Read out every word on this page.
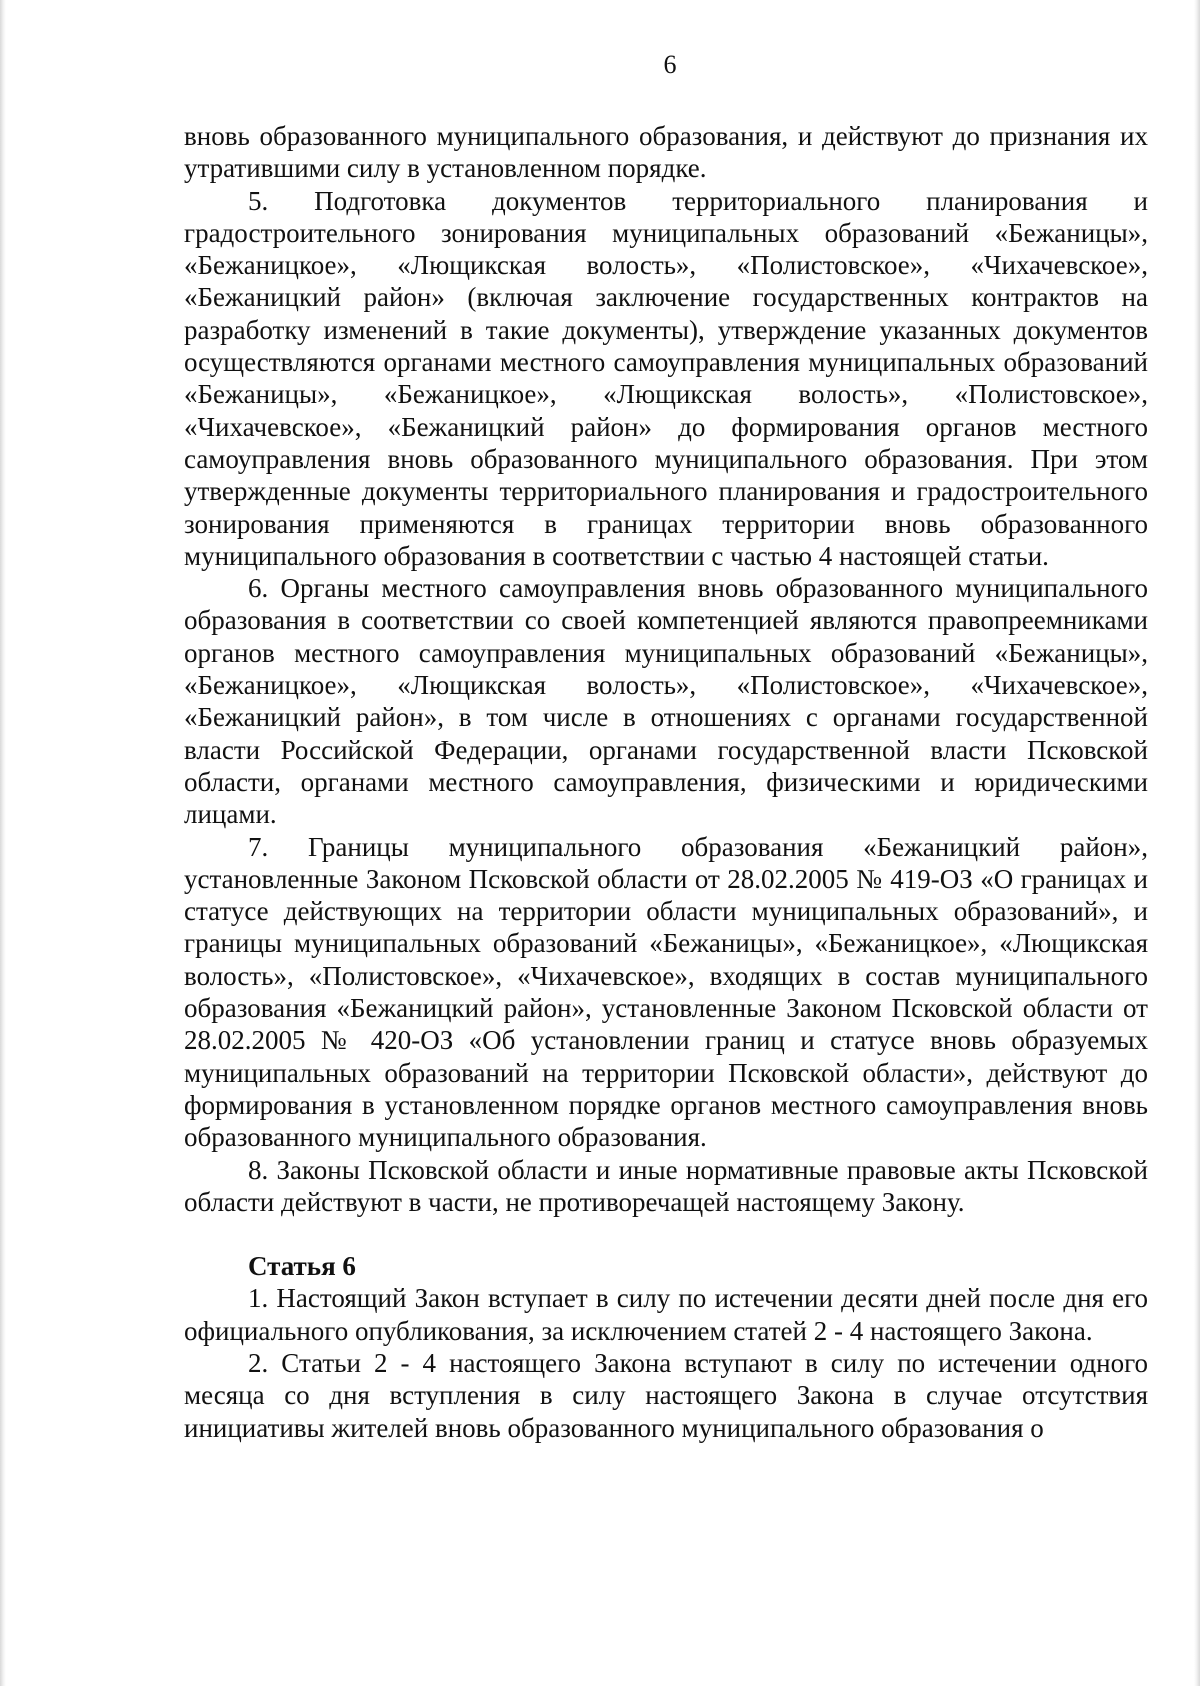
6

вновь образованного муниципального образования, и действуют до признания их утратившими силу в установленном порядке.

5. Подготовка документов территориального планирования и градостроительного зонирования муниципальных образований «Бежаницы», «Бежаницкое», «Лющикская волость», «Полистовское», «Чихачевское», «Бежаницкий район» (включая заключение государственных контрактов на разработку изменений в такие документы), утверждение указанных документов осуществляются органами местного самоуправления муниципальных образований «Бежаницы», «Бежаницкое», «Лющикская волость», «Полистовское», «Чихачевское», «Бежаницкий район» до формирования органов местного самоуправления вновь образованного муниципального образования. При этом утвержденные документы территориального планирования и градостроительного зонирования применяются в границах территории вновь образованного муниципального образования в соответствии с частью 4 настоящей статьи.

6. Органы местного самоуправления вновь образованного муниципального образования в соответствии со своей компетенцией являются правопреемниками органов местного самоуправления муниципальных образований «Бежаницы», «Бежаницкое», «Лющикская волость», «Полистовское», «Чихачевское», «Бежаницкий район», в том числе в отношениях с органами государственной власти Российской Федерации, органами государственной власти Псковской области, органами местного самоуправления, физическими и юридическими лицами.

7. Границы муниципального образования «Бежаницкий район», установленные Законом Псковской области от 28.02.2005 № 419-ОЗ «О границах и статусе действующих на территории области муниципальных образований», и границы муниципальных образований «Бежаницы», «Бежаницкое», «Лющикская волость», «Полистовское», «Чихачевское», входящих в состав муниципального образования «Бежаницкий район», установленные Законом Псковской области от 28.02.2005 № 420-ОЗ «Об установлении границ и статусе вновь образуемых муниципальных образований на территории Псковской области», действуют до формирования в установленном порядке органов местного самоуправления вновь образованного муниципального образования.

8. Законы Псковской области и иные нормативные правовые акты Псковской области действуют в части, не противоречащей настоящему Закону.

Статья 6

1. Настоящий Закон вступает в силу по истечении десяти дней после дня его официального опубликования, за исключением статей 2 - 4 настоящего Закона.

2. Статьи 2 - 4 настоящего Закона вступают в силу по истечении одного месяца со дня вступления в силу настоящего Закона в случае отсутствия инициативы жителей вновь образованного муниципального образования о
